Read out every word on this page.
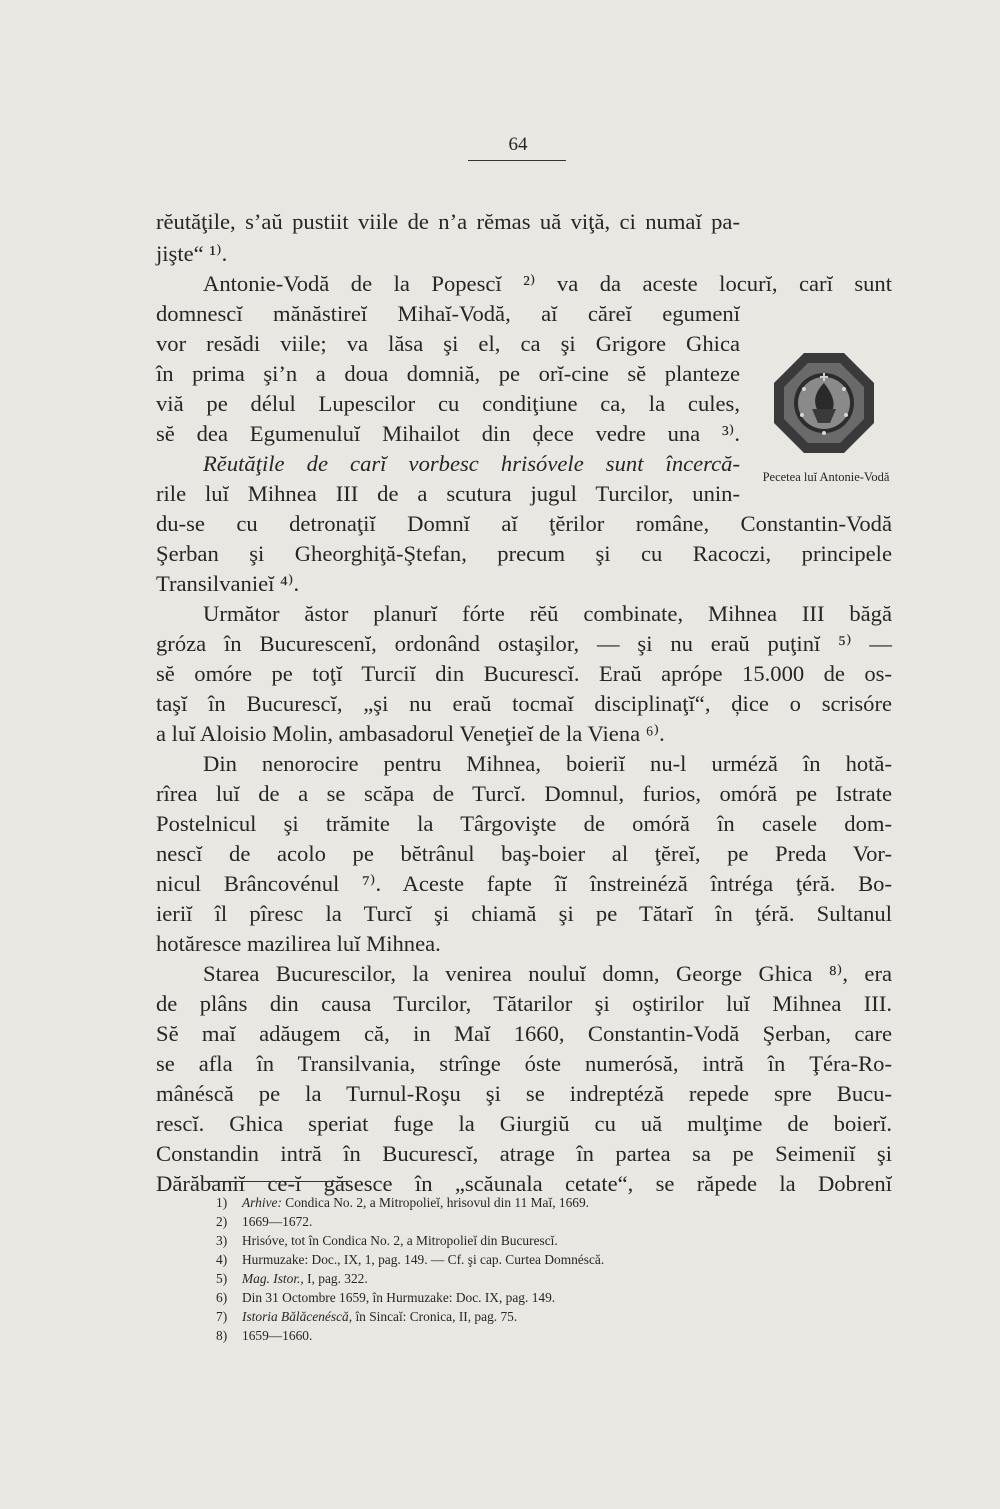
64
rĕutăţile, s’aŭ pustiit viile de n’a rĕmas uă viţă, ci numaĭ pa-
jişte“ ¹⁾.
Antonie-Vodă de la Popescĭ ²⁾ va da aceste locurĭ, carĭ sunt
domnescĭ mănăstireĭ Mihaĭ-Vodă, aĭ căreĭ egumenĭ
vor resădi viile; va lăsa şi el, ca şi Grigore Ghica
în prima şi’n a doua domniă, pe orĭ-cine sĕ planteze
viă pe délul Lupescilor cu condiţiune ca, la cules,
sĕ dea Egumenuluĭ Mihailot din ḑece vedre una ³⁾.
Rĕutăţile de carĭ vorbesc hrisóvele sunt încercă-
rile luĭ Mihnea III de a scutura jugul Turcilor, unin-
du-se cu detronaţiĭ Domnĭ aĭ ţĕrilor române, Constantin-Vodă
Şerban şi Gheorghiţă-Ştefan, precum şi cu Racoczi, principele
Transilvanieĭ ⁴⁾.
Următor ăstor planurĭ fórte rĕŭ combinate, Mihnea III băgă
gróza în Bucurescenĭ, ordonând ostaşilor, — şi nu eraŭ puţinĭ ⁵⁾ —
sĕ omóre pe toţĭ Turciĭ din Bucurescĭ. Eraŭ aprópe 15.000 de os-
taşĭ în Bucurescĭ, „şi nu eraŭ tocmaĭ disciplinaţĭ“, ḑice o scrisóre
a luĭ Aloisio Molin, ambasadorul Veneţieĭ de la Viena ⁶⁾.
Din nenorocire pentru Mihnea, boieriĭ nu-l urméză în hotă-
rîrea luĭ de a se scăpa de Turcĭ. Domnul, furios, omóră pe Istrate
Postelnicul şi trămite la Târgovişte de omóră în casele dom-
nescĭ de acolo pe bĕtrânul baş-boier al ţĕreĭ, pe Preda Vor-
nicul Brâncovénul ⁷⁾. Aceste fapte îĭ înstreinéză întréga ţéră. Bo-
ieriĭ îl pîresc la Turcĭ şi chiamă şi pe Tătarĭ în ţéră. Sultanul
hotăresce mazilirea luĭ Mihnea.
Starea Bucurescilor, la venirea nouluĭ domn, George Ghica ⁸⁾, era
de plâns din causa Turcilor, Tătarilor şi oştirilor luĭ Mihnea III.
Sĕ maĭ adăugem că, in Maĭ 1660, Constantin-Vodă Şerban, care
se afla în Transilvania, strînge óste numerósă, intră în Ţéra-Ro-
mânéscă pe la Turnul-Roşu şi se indreptéză repede spre Bucu-
rescĭ. Ghica speriat fuge la Giurgiŭ cu uă mulţime de boierĭ.
Constandin intră în Bucurescĭ, atrage în partea sa pe Seimeniĭ şi
Dărăbaniĭ ce-ĭ găsesce în „scăunala cetate“, se răpede la Dobrenĭ
Pecetea luĭ Antonie-Vodă
1) Arhive: Condica No. 2, a Mitropolieĭ, hrisovul din 11 Maĭ, 1669.
2) 1669—1672.
3) Hrisóve, tot în Condica No. 2, a Mitropolieĭ din Bucurescĭ.
4) Hurmuzake: Doc., IX, 1, pag. 149. — Cf. şi cap. Curtea Domnéscă.
5) Mag. Istor., I, pag. 322.
6) Din 31 Octombre 1659, în Hurmuzake: Doc. IX, pag. 149.
7) Istoria Bălăcenéscă, în Sincaĭ: Cronica, II, pag. 75.
8) 1659—1660.
